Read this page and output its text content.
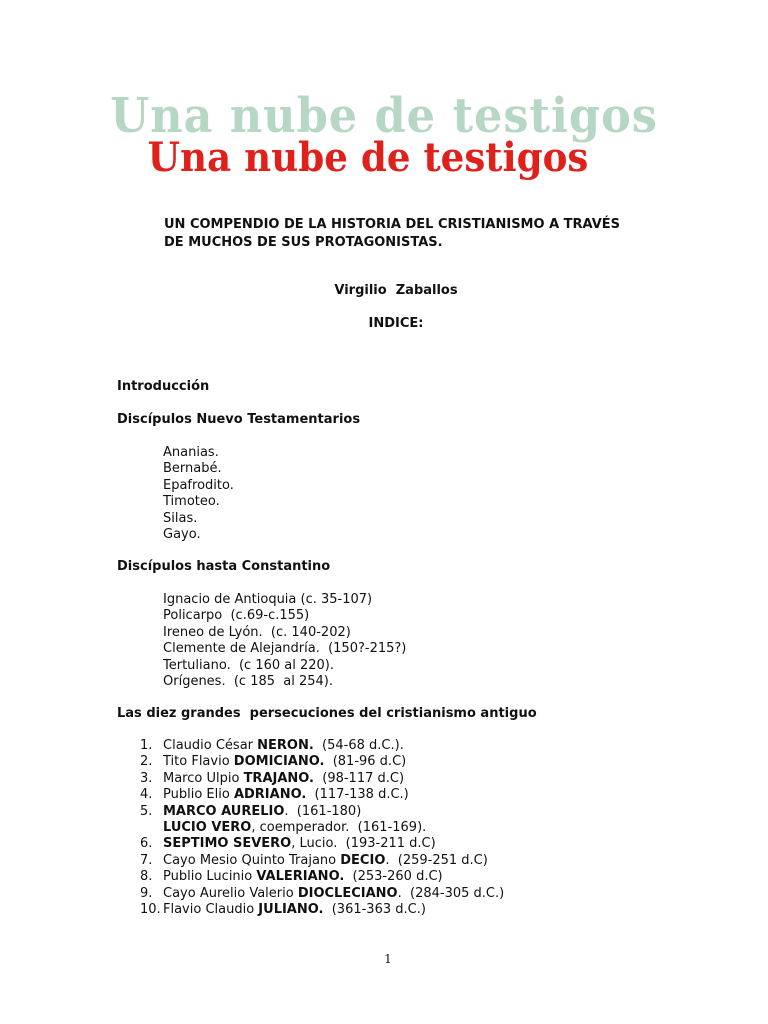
Una nube de testigos
Una nube de testigos
UN COMPENDIO DE LA HISTORIA DEL CRISTIANISMO A TRAVÉS DE MUCHOS DE SUS PROTAGONISTAS.
Virgilio  Zaballos
INDICE:
Introducción
Discípulos Nuevo Testamentarios
Ananias.
Bernabé.
Epafrodito.
Timoteo.
Silas.
Gayo.
Discípulos hasta Constantino
Ignacio de Antioquia (c. 35-107)
Policarpo  (c.69-c.155)
Ireneo de Lyón.  (c. 140-202)
Clemente de Alejandría.  (150?-215?)
Tertuliano.  (c 160 al 220).
Orígenes.  (c 185  al 254).
Las diez grandes  persecuciones del cristianismo antiguo
1. Claudio César NERON.  (54-68 d.C.).
2. Tito Flavio DOMICIANO.  (81-96 d.C)
3. Marco Ulpio TRAJANO.  (98-117 d.C)
4. Publio Elio ADRIANO.  (117-138 d.C.)
5. MARCO AURELIO.  (161-180)
LUCIO VERO, coemperador.  (161-169).
6. SEPTIMO SEVERO, Lucio.  (193-211 d.C)
7. Cayo Mesio Quinto Trajano DECIO.  (259-251 d.C)
8. Publio Lucinio VALERIANO.  (253-260 d.C)
9. Cayo Aurelio Valerio DIOCLECIANO.  (284-305 d.C.)
10. Flavio Claudio JULIANO.  (361-363 d.C.)
1
